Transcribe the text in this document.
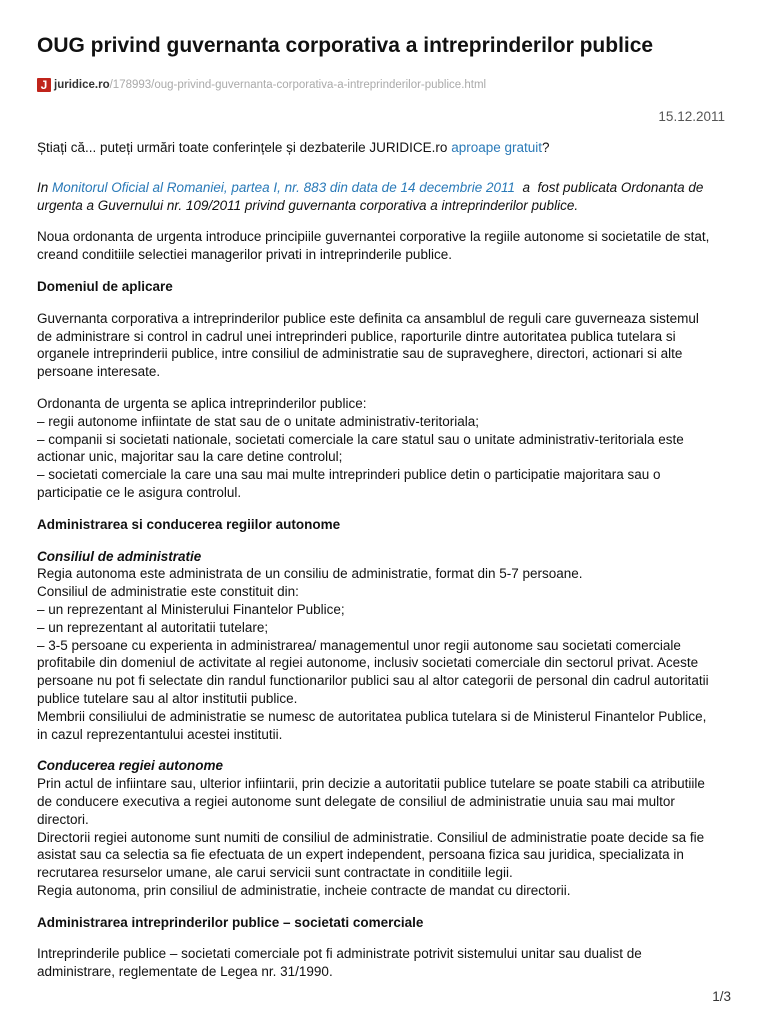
OUG privind guvernanta corporativa a intreprinderilor publice
J juridice.ro /178993/oug-privind-guvernanta-corporativa-a-intreprinderilor-publice.html
15.12.2011

Știați că... puteți urmări toate conferințele și dezbaterile JURIDICE.ro aproape gratuit?

In Monitorul Oficial al Romaniei, partea I, nr. 883 din data de 14 decembrie 2011  a  fost publicata Ordonanta de
urgenta a Guvernului nr. 109/2011 privind guvernanta corporativa a intreprinderilor publice.

Noua ordonanta de urgenta introduce principiile guvernantei corporative la regiile autonome si societatile de stat,
creand conditiile selectiei managerilor privati in intreprinderile publice.

Domeniul de aplicare

Guvernanta corporativa a intreprinderilor publice este definita ca ansamblul de reguli care guverneaza sistemul
de administrare si control in cadrul unei intreprinderi publice, raporturile dintre autoritatea publica tutelara si
organele intreprinderii publice, intre consiliul de administratie sau de supraveghere, directori, actionari si alte
persoane interesate.

Ordonanta de urgenta se aplica intreprinderilor publice:
– regii autonome infiintate de stat sau de o unitate administrativ-teritoriala;
– companii si societati nationale, societati comerciale la care statul sau o unitate administrativ-teritoriala este
actionar unic, majoritar sau la care detine controlul;
– societati comerciale la care una sau mai multe intreprinderi publice detin o participatie majoritara sau o
participatie ce le asigura controlul.

Administrarea si conducerea regiilor autonome

Consiliul de administratie
Regia autonoma este administrata de un consiliu de administratie, format din 5-7 persoane.
Consiliul de administratie este constituit din:
– un reprezentant al Ministerului Finantelor Publice;
– un reprezentant al autoritatii tutelare;
– 3-5 persoane cu experienta in administrarea/ managementul unor regii autonome sau societati comerciale
profitabile din domeniul de activitate al regiei autonome, inclusiv societati comerciale din sectorul privat. Aceste
persoane nu pot fi selectate din randul functionarilor publici sau al altor categorii de personal din cadrul autoritatii
publice tutelare sau al altor institutii publice.
Membrii consiliului de administratie se numesc de autoritatea publica tutelara si de Ministerul Finantelor Publice,
in cazul reprezentantului acestei institutii.

Conducerea regiei autonome
Prin actul de infiintare sau, ulterior infiintarii, prin decizie a autoritatii publice tutelare se poate stabili ca atributiile
de conducere executiva a regiei autonome sunt delegate de consiliul de administratie unuia sau mai multor
directori.
Directorii regiei autonome sunt numiti de consiliul de administratie. Consiliul de administratie poate decide sa fie
asistat sau ca selectia sa fie efectuata de un expert independent, persoana fizica sau juridica, specializata in
recrutarea resurselor umane, ale carui servicii sunt contractate in conditiile legii.
Regia autonoma, prin consiliul de administratie, incheie contracte de mandat cu directorii.

Administrarea intreprinderilor publice – societati comerciale

Intreprinderile publice – societati comerciale pot fi administrate potrivit sistemului unitar sau dualist de
administrare, reglementate de Legea nr. 31/1990.

1/3
